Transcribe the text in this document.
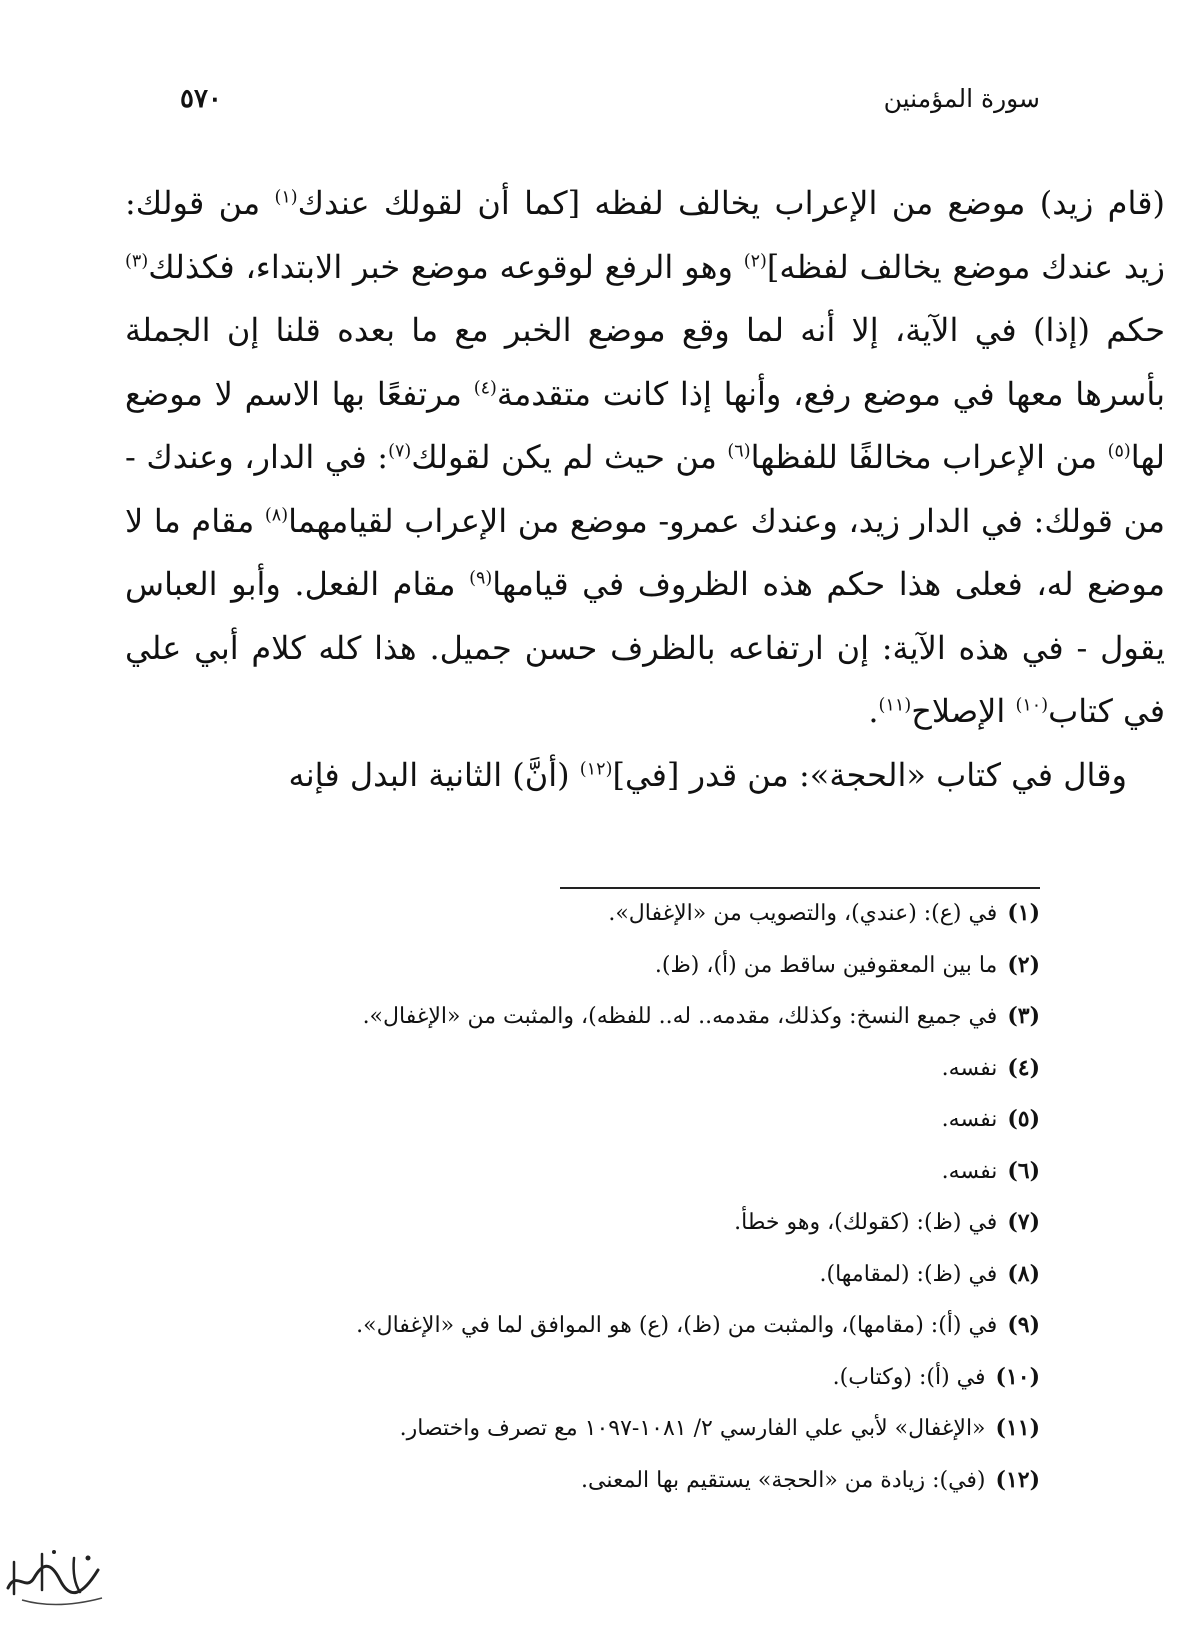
٥٧٠	سورة المؤمنين

(قام زيد) موضع من الإعراب يخالف لفظه [كما أن لقولك عندك$^{(١)}$ من قولك: زيد عندك موضع يخالف لفظه]$^{(٢)}$ وهو الرفع لوقوعه موضع خبر الابتداء، فكذلك$^{(٣)}$ حكم (إذا) في الآية، إلا أنه لما وقع موضع الخبر مع ما بعده قلنا إن الجملة بأسرها معها في موضع رفع، وأنها إذا كانت متقدمة$^{(٤)}$ مرتفعًا بها الاسم لا موضع لها$^{(٥)}$ من الإعراب مخالفًا للفظها$^{(٦)}$ من حيث لم يكن لقولك$^{(٧)}$: في الدار، وعندك - من قولك: في الدار زيد، وعندك عمرو- موضع من الإعراب لقيامهما$^{(٨)}$ مقام ما لا موضع له، فعلى هذا حكم هذه الظروف في قيامها$^{(٩)}$ مقام الفعل. وأبو العباس يقول - في هذه الآية: إن ارتفاعه بالظرف حسن جميل. هذا كله كلام أبي علي في كتاب$^{(١٠)}$ الإصلاح$^{(١١)}$.

وقال في كتاب «الحجة»: من قدر [في]$^{(١٢)}$ (أنَّ) الثانية البدل فإنه

(١)في (ع): (عندي)، والتصويب من «الإغفال».
(٢)ما بين المعقوفين ساقط من (أ)، (ظ).
(٣)في جميع النسخ: وكذلك، مقدمه.. له.. للفظه)، والمثبت من «الإغفال».
(٤)نفسه.
(٥)نفسه.
(٦)نفسه.
(٧)في (ظ): (كقولك)، وهو خطأ.
(٨)في (ظ): (لمقامها).
(٩)في (أ): (مقامها)، والمثبت من (ظ)، (ع) هو الموافق لما في «الإغفال».
(١٠)في (أ): (وكتاب).
(١١)«الإغفال» لأبي علي الفارسي ٢/ ١٠٨١-١٠٩٧ مع تصرف واختصار.
(١٢)(في): زيادة من «الحجة» يستقيم بها المعنى.
